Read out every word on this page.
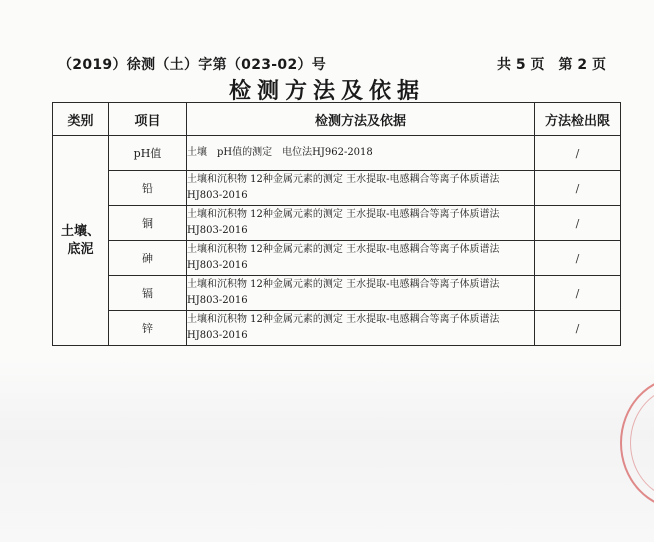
（2019）徐测（土）字第（023-02）号	共 5 页　第 2 页
检测方法及依据
类别	项目	检测方法及依据	方法检出限
土壤、
底泥	pH值	土壤　pH值的测定　电位法HJ962-2018	/
	铅	土壤和沉积物 12种金属元素的测定 王水提取-电感耦合等离子体质谱法 HJ803-2016	/
	铜	土壤和沉积物 12种金属元素的测定 王水提取-电感耦合等离子体质谱法 HJ803-2016	/
	砷	土壤和沉积物 12种金属元素的测定 王水提取-电感耦合等离子体质谱法 HJ803-2016	/
	镉	土壤和沉积物 12种金属元素的测定 王水提取-电感耦合等离子体质谱法 HJ803-2016	/
	锌	土壤和沉积物 12种金属元素的测定 王水提取-电感耦合等离子体质谱法 HJ803-2016	/
